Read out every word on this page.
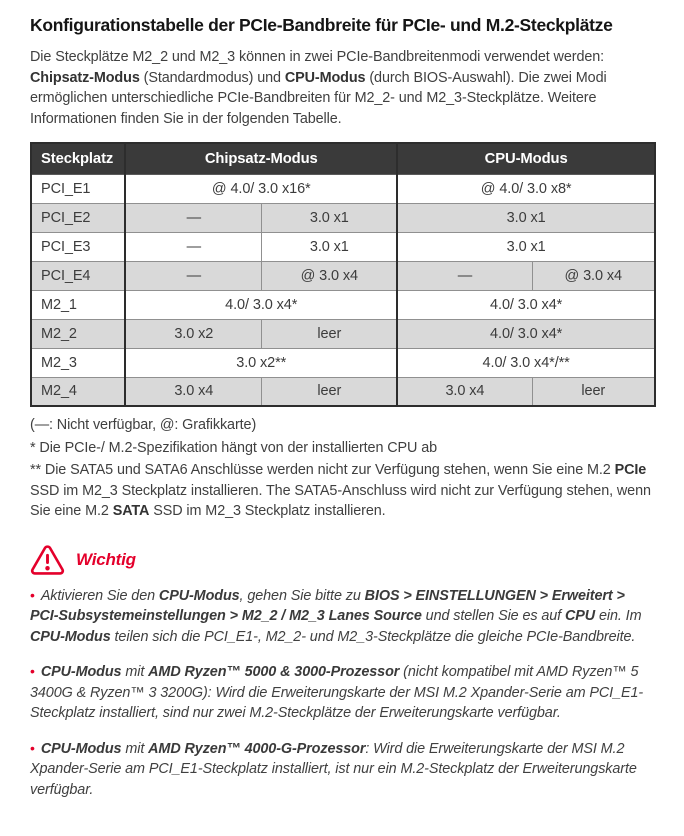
Konfigurationstabelle der PCIe-Bandbreite für PCIe- und M.2-Steckplätze

Die Steckplätze M2_2 und M2_3 können in zwei PCIe-Bandbreitenmodi verwendet werden: Chipsatz-Modus (Standardmodus) und CPU-Modus (durch BIOS-Auswahl). Die zwei Modi ermöglichen unterschiedliche PCIe-Bandbreiten für M2_2- und M2_3-Steckplätze. Weitere Informationen finden Sie in der folgenden Tabelle.

Steckplatz	Chipsatz-Modus		CPU-Modus	
PCI_E1	@ 4.0/ 3.0 x16*		@ 4.0/ 3.0 x8*	
PCI_E2	—	3.0 x1	3.0 x1	
PCI_E3	—	3.0 x1	3.0 x1	
PCI_E4	—	@ 3.0 x4	—	@ 3.0 x4
M2_1	4.0/ 3.0 x4*		4.0/ 3.0 x4*	
M2_2	3.0 x2	leer	4.0/ 3.0 x4*	
M2_3	3.0 x2**		4.0/ 3.0 x4*/**	
M2_4	3.0 x4	leer	3.0 x4	leer

(—: Nicht verfügbar, @: Grafikkarte)

* Die PCIe-/ M.2-Spezifikation hängt von der installierten CPU ab

** Die SATA5 und SATA6 Anschlüsse werden nicht zur Verfügung stehen, wenn Sie eine M.2 PCIe SSD im M2_3 Steckplatz installieren. The SATA5-Anschluss wird nicht zur Verfügung stehen, wenn Sie eine M.2 SATA SSD im M2_3 Steckplatz installieren.

Wichtig

• Aktivieren Sie den CPU-Modus, gehen Sie bitte zu BIOS > EINSTELLUNGEN > Erweitert > PCI-Subsystemeinstellungen > M2_2 / M2_3 Lanes Source und stellen Sie es auf CPU ein. Im CPU-Modus teilen sich die PCI_E1-, M2_2- und M2_3-Steckplätze die gleiche PCIe-Bandbreite.

• CPU-Modus mit AMD Ryzen™ 5000 & 3000-Prozessor (nicht kompatibel mit AMD Ryzen™ 5 3400G & Ryzen™ 3 3200G): Wird die Erweiterungskarte der MSI M.2 Xpander-Serie am PCI_E1-Steckplatz installiert, sind nur zwei M.2-Steckplätze der Erweiterungskarte verfügbar.

• CPU-Modus mit AMD Ryzen™ 4000-G-Prozessor: Wird die Erweiterungskarte der MSI M.2 Xpander-Serie am PCI_E1-Steckplatz installiert, ist nur ein M.2-Steckplatz der Erweiterungskarte verfügbar.
